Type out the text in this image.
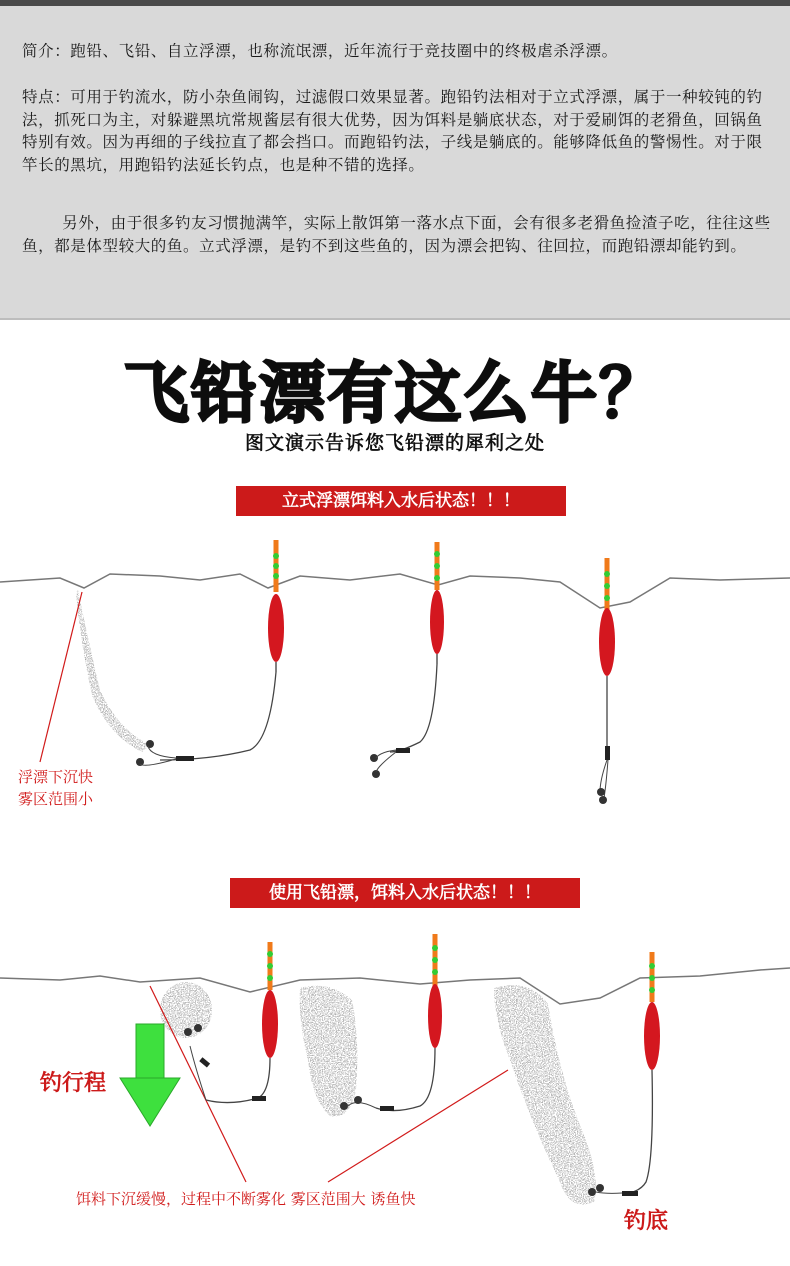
简介：跑铅、飞铅、自立浮漂，也称流氓漂，近年流行于竞技圈中的终极虐杀浮漂。

特点：可用于钓流水，防小杂鱼闹钩，过滤假口效果显著。跑铅钓法相对于立式浮漂，属于一种较钝的钓法，抓死口为主，对躲避黑坑常规酱层有很大优势，因为饵料是躺底状态，对于爱刷饵的老猾鱼，回锅鱼特别有效。因为再细的子线拉直了都会挡口。而跑铅钓法，子线是躺底的。能够降低鱼的警惕性。对于限竿长的黑坑，用跑铅钓法延长钓点，也是种不错的选择。

另外，由于很多钓友习惯抛满竿，实际上散饵第一落水点下面，会有很多老猾鱼捡渣子吃，往往这些鱼，都是体型较大的鱼。立式浮漂，是钓不到这些鱼的，因为漂会把钩、往回拉，而跑铅漂却能钓到。

飞铅漂有这么牛？
图文演示告诉您飞铅漂的犀利之处
立式浮漂饵料入水后状态！！！
浮漂下沉快
雾区范围小
使用飞铅漂，饵料入水后状态！！！
钓行程
饵料下沉缓慢，过程中不断雾化 雾区范围大 诱鱼快
钓底
